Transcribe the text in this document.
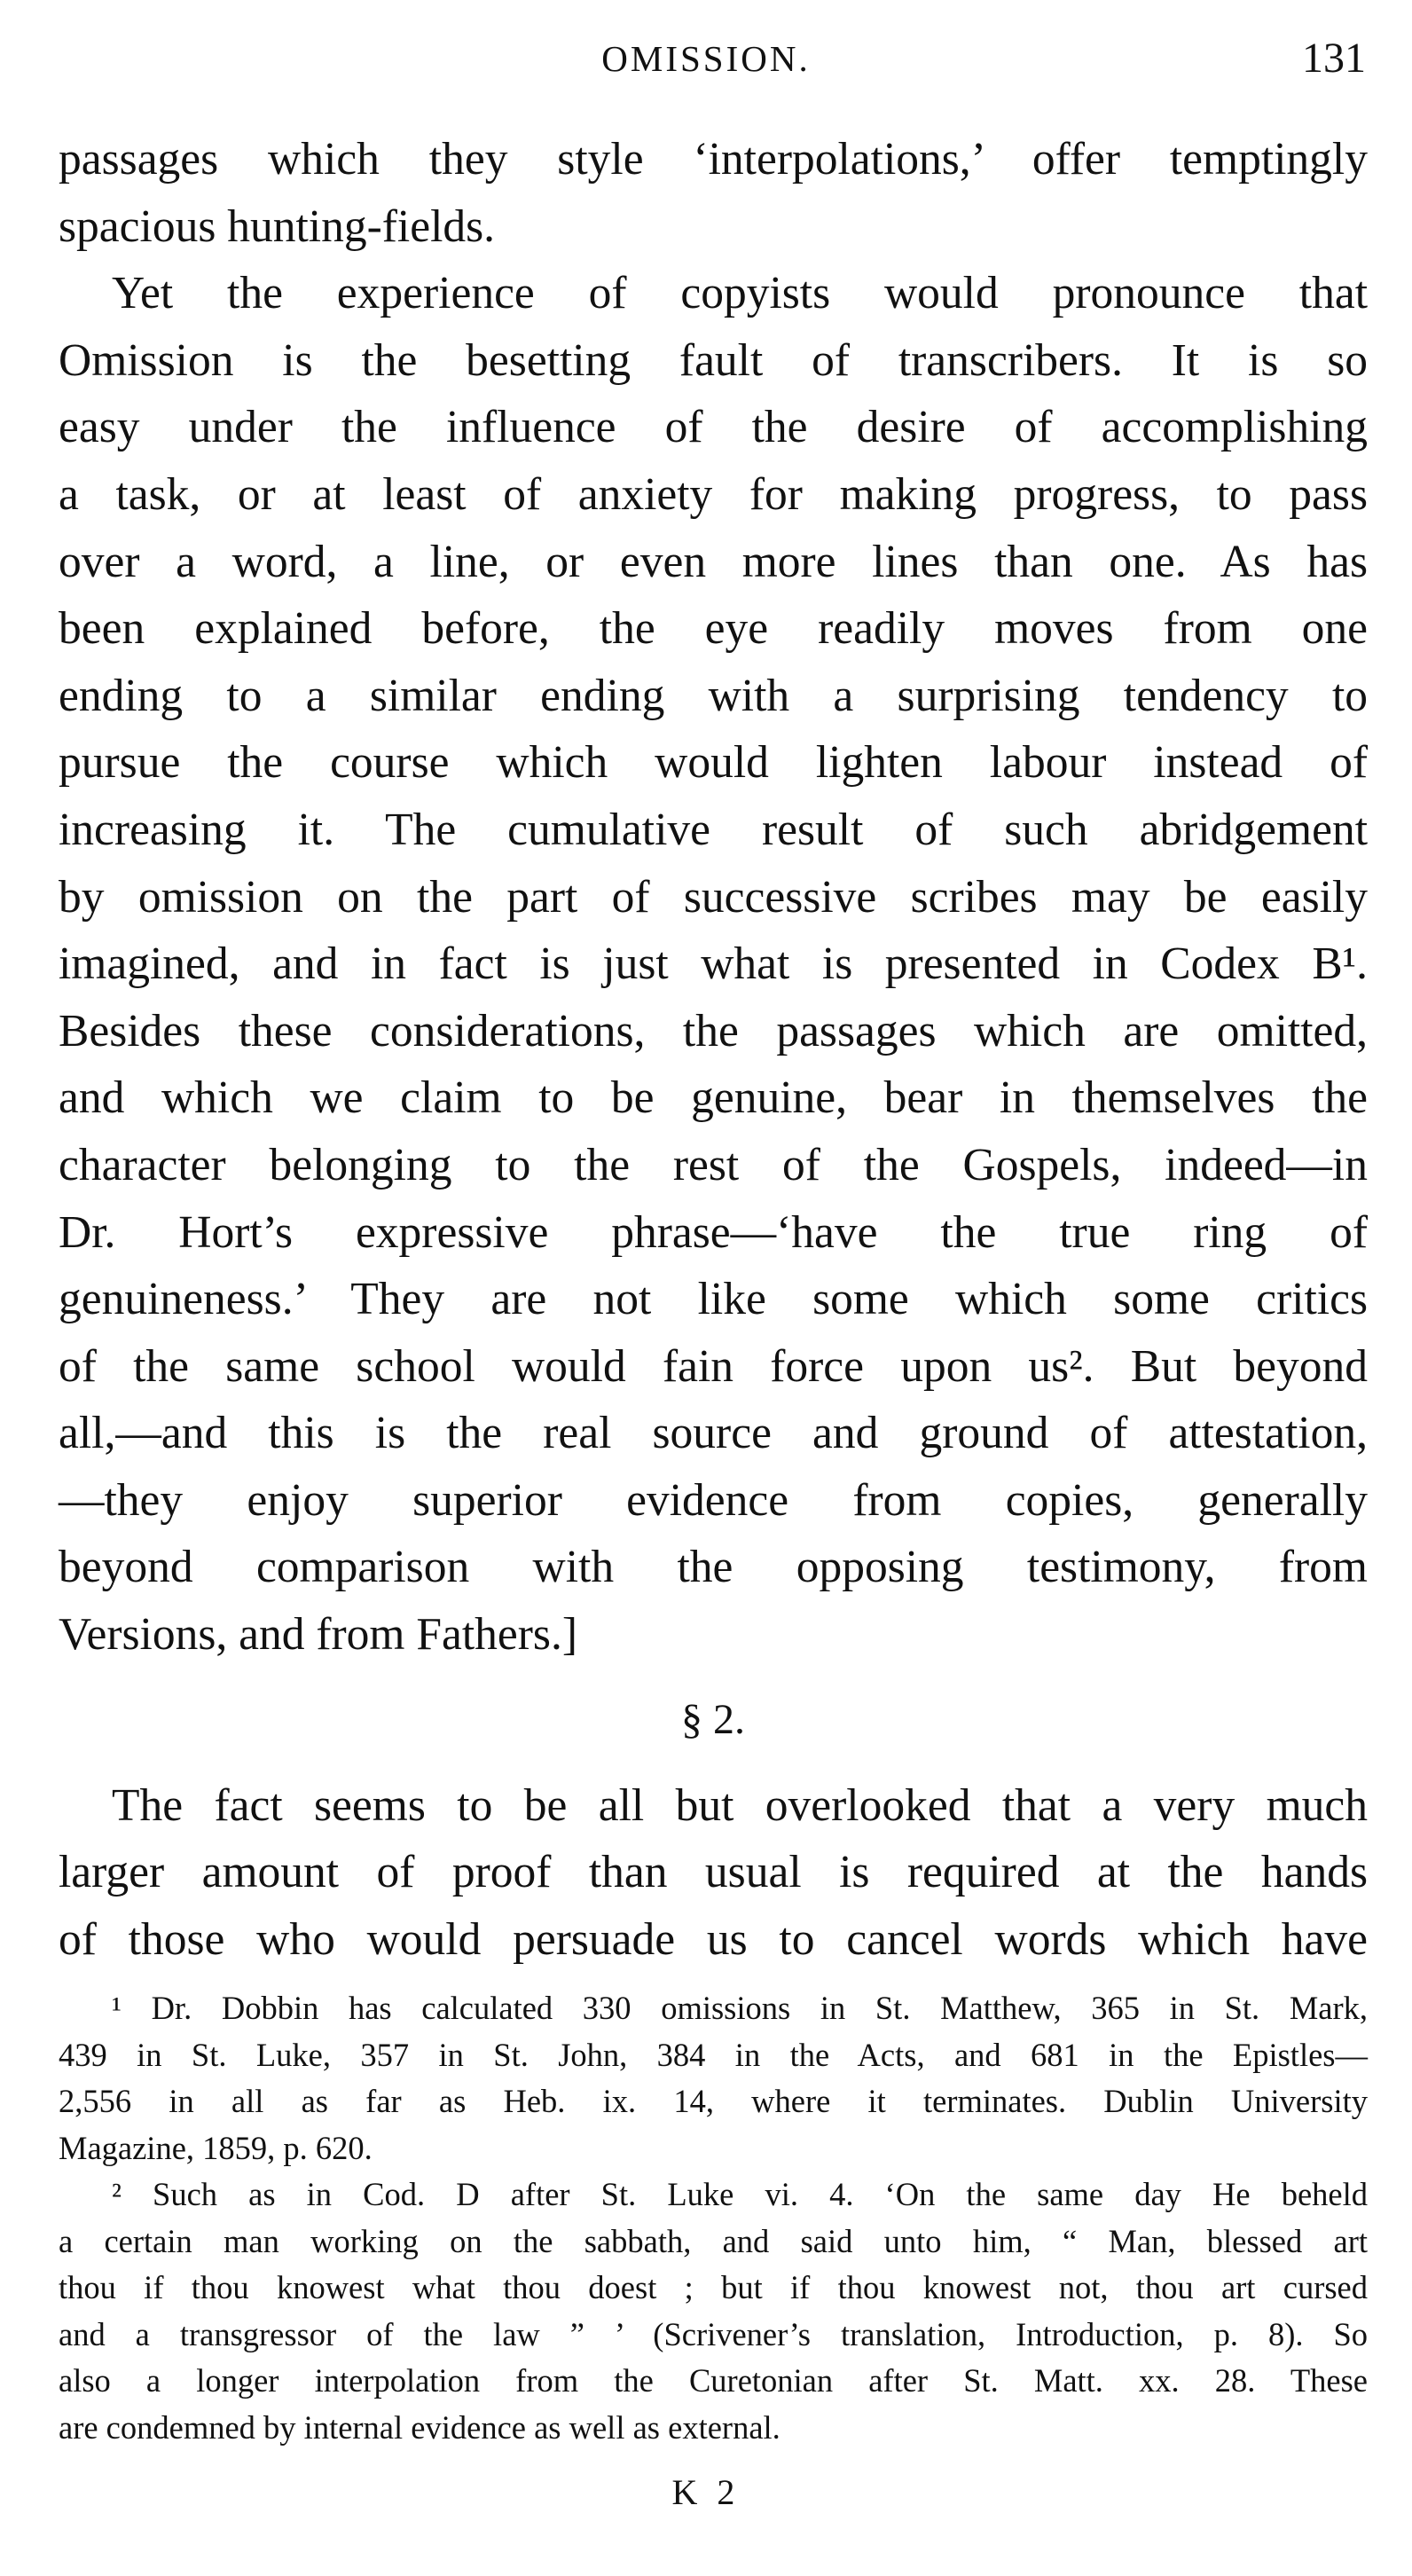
OMISSION.	131
passages which they style ‘interpolations,’ offer temptingly
spacious hunting-fields.
Yet the experience of copyists would pronounce that
Omission is the besetting fault of transcribers. It is so
easy under the influence of the desire of accomplishing
a task, or at least of anxiety for making progress, to pass
over a word, a line, or even more lines than one. As has
been explained before, the eye readily moves from one
ending to a similar ending with a surprising tendency to
pursue the course which would lighten labour instead of
increasing it. The cumulative result of such abridgement
by omission on the part of successive scribes may be easily
imagined, and in fact is just what is presented in Codex B¹.
Besides these considerations, the passages which are omitted,
and which we claim to be genuine, bear in themselves the
character belonging to the rest of the Gospels, indeed—in
Dr. Hort’s expressive phrase—‘have the true ring of
genuineness.’ They are not like some which some critics
of the same school would fain force upon us². But beyond
all,—and this is the real source and ground of attestation,
—they enjoy superior evidence from copies, generally
beyond comparison with the opposing testimony, from
Versions, and from Fathers.]
§ 2.
The fact seems to be all but overlooked that a very much
larger amount of proof than usual is required at the hands
of those who would persuade us to cancel words which have
¹ Dr. Dobbin has calculated 330 omissions in St. Matthew, 365 in St. Mark,
439 in St. Luke, 357 in St. John, 384 in the Acts, and 681 in the Epistles—
2,556 in all as far as Heb. ix. 14, where it terminates. Dublin University
Magazine, 1859, p. 620.
² Such as in Cod. D after St. Luke vi. 4. ‘On the same day He beheld
a certain man working on the sabbath, and said unto him, “ Man, blessed art
thou if thou knowest what thou doest ; but if thou knowest not, thou art cursed
and a transgressor of the law ” ’ (Scrivener’s translation, Introduction, p. 8). So
also a longer interpolation from the Curetonian after St. Matt. xx. 28. These
are condemned by internal evidence as well as external.
K 2
